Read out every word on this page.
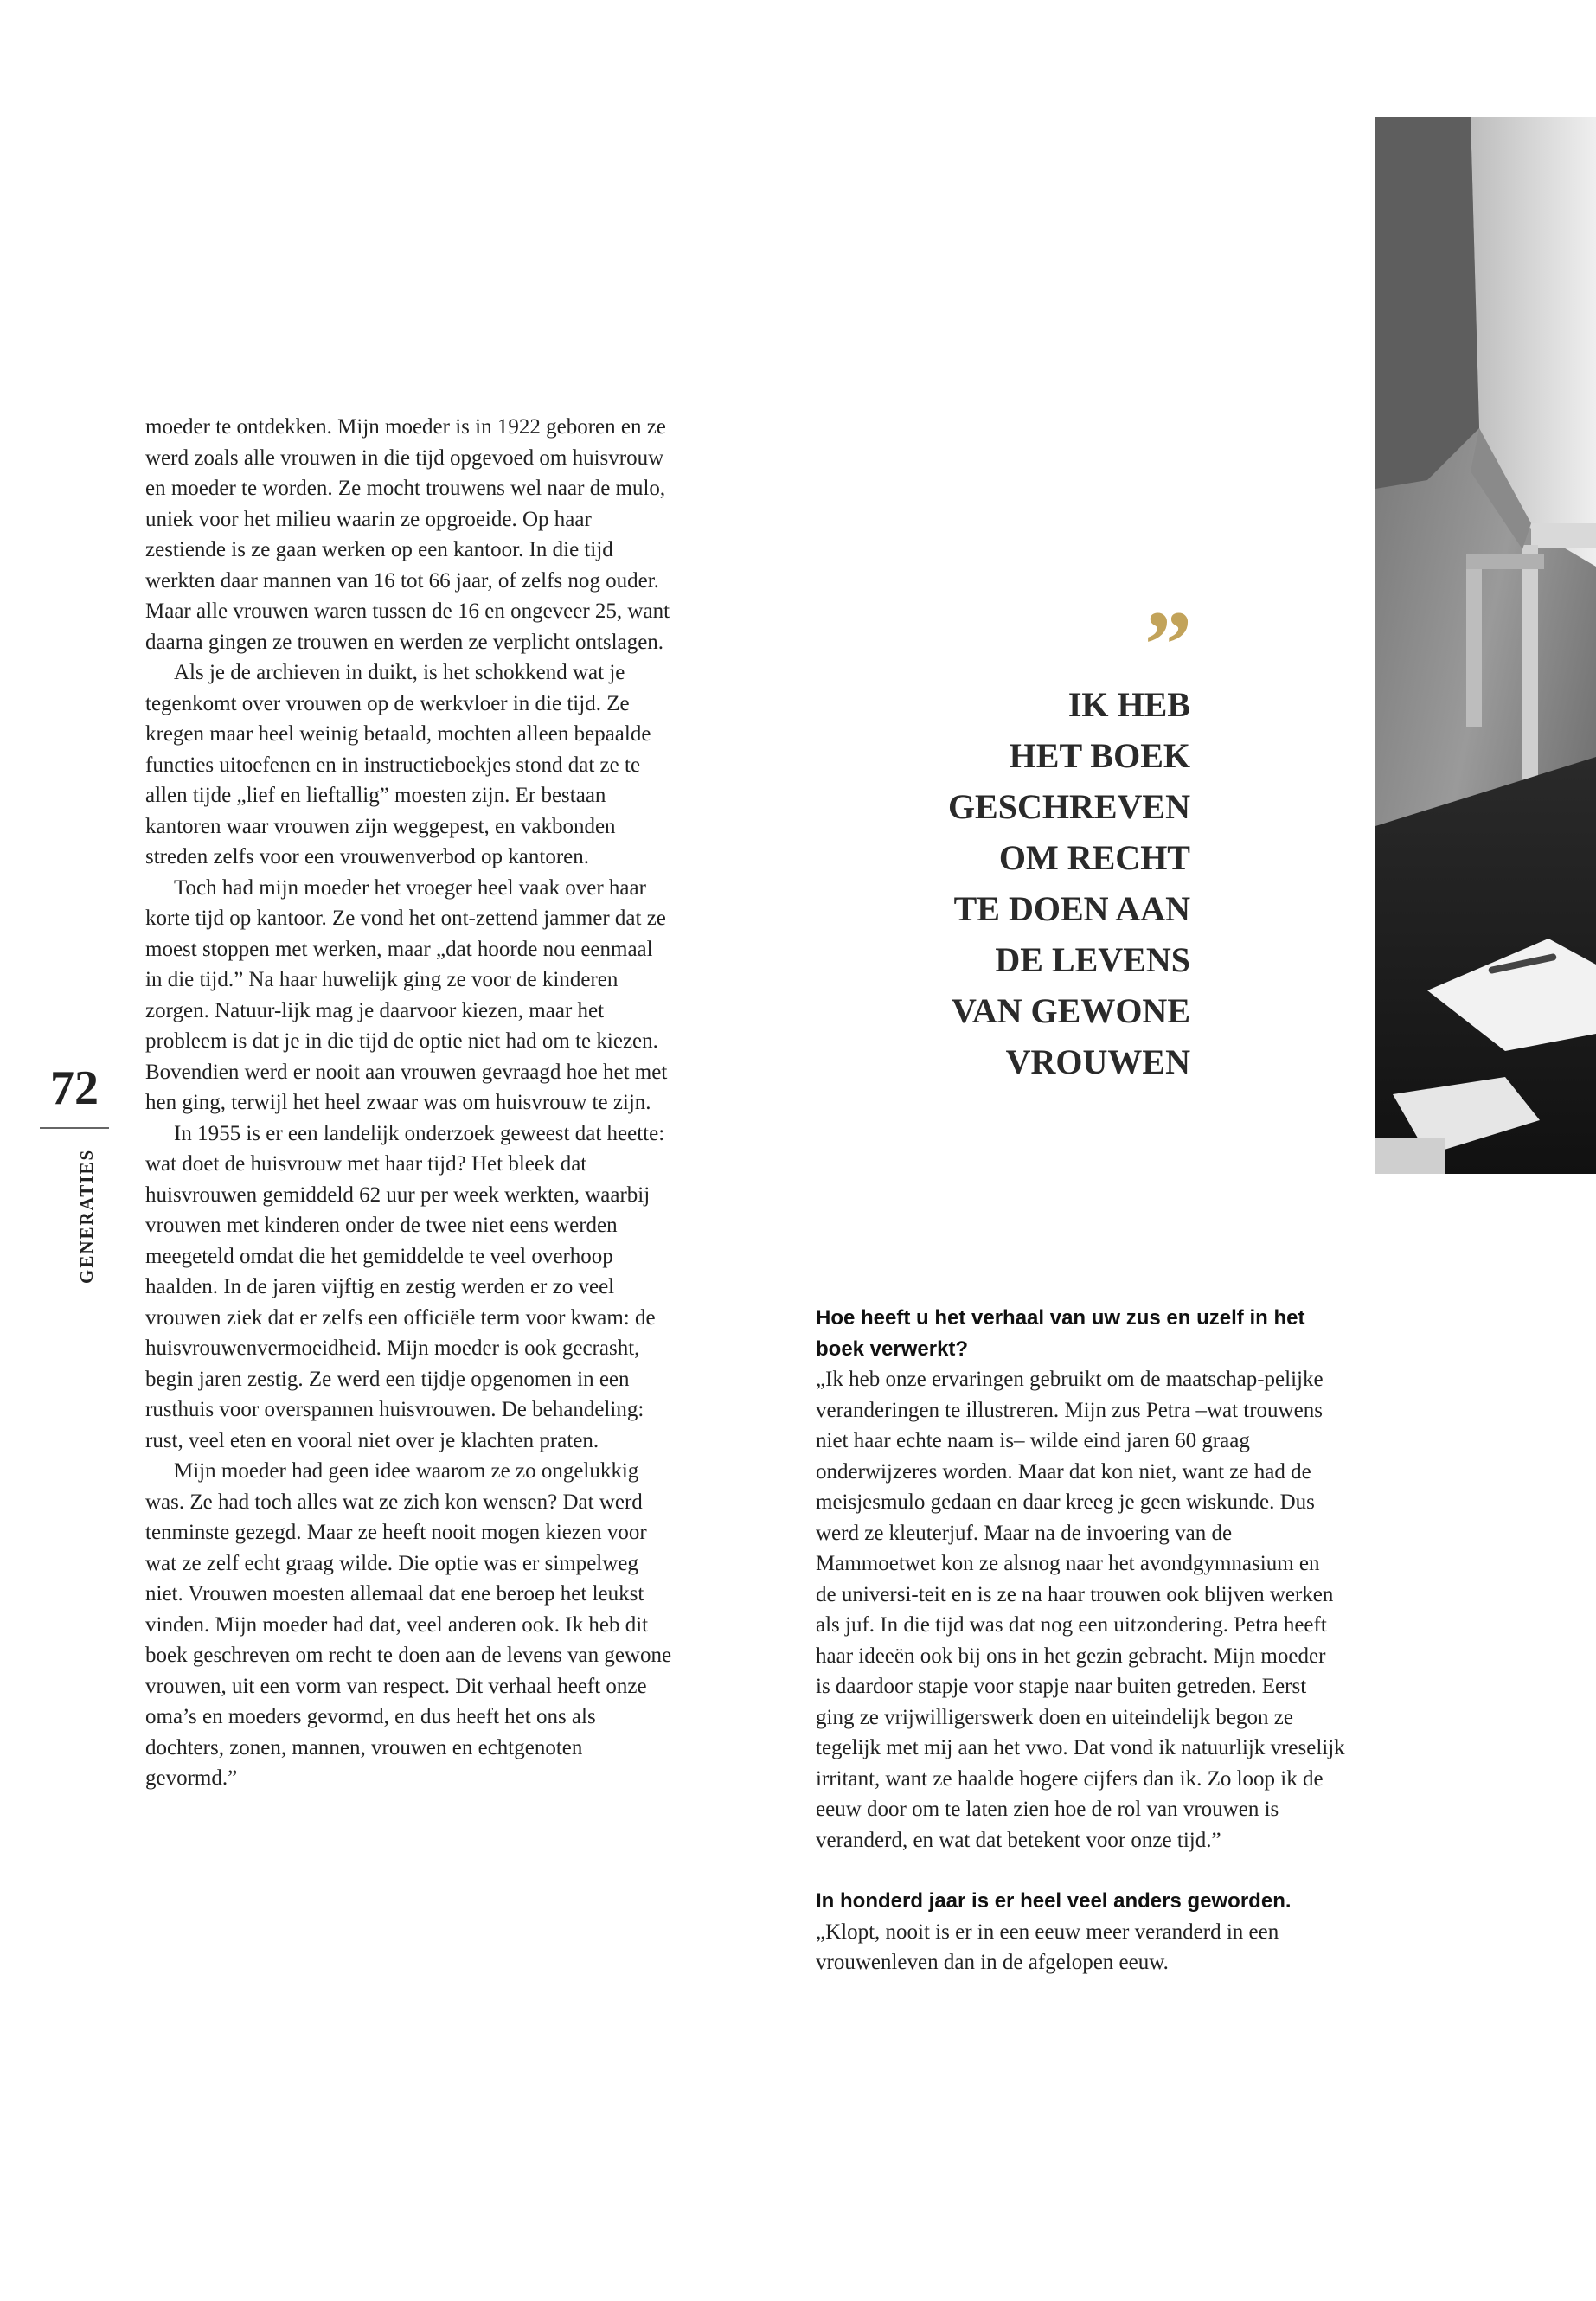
72
GENERATIES

moeder te ontdekken. Mijn moeder is in 1922 geboren en ze werd zoals alle vrouwen in die tijd opgevoed om huisvrouw en moeder te worden. Ze mocht trouwens wel naar de mulo, uniek voor het milieu waarin ze opgroeide. Op haar zestiende is ze gaan werken op een kantoor. In die tijd werkten daar mannen van 16 tot 66 jaar, of zelfs nog ouder. Maar alle vrouwen waren tussen de 16 en ongeveer 25, want daarna gingen ze trouwen en werden ze verplicht ontslagen.

Als je de archieven in duikt, is het schokkend wat je tegenkomt over vrouwen op de werkvloer in die tijd. Ze kregen maar heel weinig betaald, mochten alleen bepaalde functies uitoefenen en in instructieboekjes stond dat ze te allen tijde „lief en lieftallig” moesten zijn. Er bestaan kantoren waar vrouwen zijn weggepest, en vakbonden streden zelfs voor een vrouwenverbod op kantoren.

Toch had mijn moeder het vroeger heel vaak over haar korte tijd op kantoor. Ze vond het ont-zettend jammer dat ze moest stoppen met werken, maar „dat hoorde nou eenmaal in die tijd.” Na haar huwelijk ging ze voor de kinderen zorgen. Natuur-lijk mag je daarvoor kiezen, maar het probleem is dat je in die tijd de optie niet had om te kiezen. Bovendien werd er nooit aan vrouwen gevraagd hoe het met hen ging, terwijl het heel zwaar was om huisvrouw te zijn.

In 1955 is er een landelijk onderzoek geweest dat heette: wat doet de huisvrouw met haar tijd? Het bleek dat huisvrouwen gemiddeld 62 uur per week werkten, waarbij vrouwen met kinderen onder de twee niet eens werden meegeteld omdat die het gemiddelde te veel overhoop haalden. In de jaren vijftig en zestig werden er zo veel vrouwen ziek dat er zelfs een officiële term voor kwam: de huisvrouwenvermoeidheid. Mijn moeder is ook gecrasht, begin jaren zestig. Ze werd een tijdje opgenomen in een rusthuis voor overspannen huisvrouwen. De behandeling: rust, veel eten en vooral niet over je klachten praten.

Mijn moeder had geen idee waarom ze zo ongelukkig was. Ze had toch alles wat ze zich kon wensen? Dat werd tenminste gezegd. Maar ze heeft nooit mogen kiezen voor wat ze zelf echt graag wilde. Die optie was er simpelweg niet. Vrouwen moesten allemaal dat ene beroep het leukst vinden. Mijn moeder had dat, veel anderen ook. Ik heb dit boek geschreven om recht te doen aan de levens van gewone vrouwen, uit een vorm van respect. Dit verhaal heeft onze oma’s en moeders gevormd, en dus heeft het ons als dochters, zonen, mannen, vrouwen en echtgenoten gevormd.”

”
IK HEB
HET BOEK
GESCHREVEN
OM RECHT
TE DOEN AAN
DE LEVENS
VAN GEWONE
VROUWEN

Hoe heeft u het verhaal van uw zus en uzelf in het boek verwerkt?

„Ik heb onze ervaringen gebruikt om de maatschap-pelijke veranderingen te illustreren. Mijn zus Petra –wat trouwens niet haar echte naam is– wilde eind jaren 60 graag onderwijzeres worden. Maar dat kon niet, want ze had de meisjesmulo gedaan en daar kreeg je geen wiskunde. Dus werd ze kleuterjuf. Maar na de invoering van de Mammoetwet kon ze alsnog naar het avondgymnasium en de universi-teit en is ze na haar trouwen ook blijven werken als juf. In die tijd was dat nog een uitzondering. Petra heeft haar ideeën ook bij ons in het gezin gebracht. Mijn moeder is daardoor stapje voor stapje naar buiten getreden. Eerst ging ze vrijwilligerswerk doen en uiteindelijk begon ze tegelijk met mij aan het vwo. Dat vond ik natuurlijk vreselijk irritant, want ze haalde hogere cijfers dan ik. Zo loop ik de eeuw door om te laten zien hoe de rol van vrouwen is veranderd, en wat dat betekent voor onze tijd.”

In honderd jaar is er heel veel anders geworden.

„Klopt, nooit is er in een eeuw meer veranderd in een vrouwenleven dan in de afgelopen eeuw.
